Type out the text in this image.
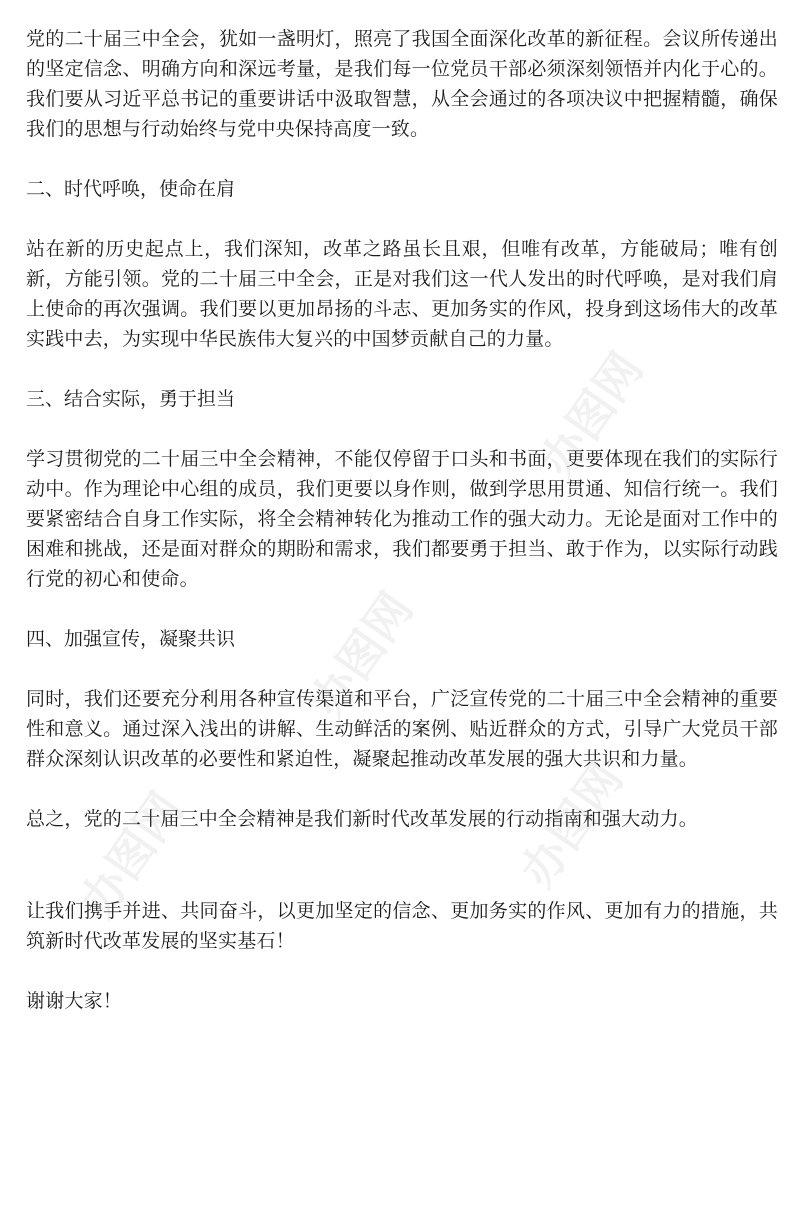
党的二十届三中全会，犹如一盏明灯，照亮了我国全面深化改革的新征程。会议所传递出的坚定信念、明确方向和深远考量，是我们每一位党员干部必须深刻领悟并内化于心的。我们要从习近平总书记的重要讲话中汲取智慧，从全会通过的各项决议中把握精髓，确保我们的思想与行动始终与党中央保持高度一致。

二、时代呼唤，使命在肩

站在新的历史起点上，我们深知，改革之路虽长且艰，但唯有改革，方能破局；唯有创新，方能引领。党的二十届三中全会，正是对我们这一代人发出的时代呼唤，是对我们肩上使命的再次强调。我们要以更加昂扬的斗志、更加务实的作风，投身到这场伟大的改革实践中去，为实现中华民族伟大复兴的中国梦贡献自己的力量。

三、结合实际，勇于担当

学习贯彻党的二十届三中全会精神，不能仅停留于口头和书面，更要体现在我们的实际行动中。作为理论中心组的成员，我们更要以身作则，做到学思用贯通、知信行统一。我们要紧密结合自身工作实际，将全会精神转化为推动工作的强大动力。无论是面对工作中的困难和挑战，还是面对群众的期盼和需求，我们都要勇于担当、敢于作为，以实际行动践行党的初心和使命。

四、加强宣传，凝聚共识

同时，我们还要充分利用各种宣传渠道和平台，广泛宣传党的二十届三中全会精神的重要性和意义。通过深入浅出的讲解、生动鲜活的案例、贴近群众的方式，引导广大党员干部群众深刻认识改革的必要性和紧迫性，凝聚起推动改革发展的强大共识和力量。

总之，党的二十届三中全会精神是我们新时代改革发展的行动指南和强大动力。

让我们携手并进、共同奋斗，以更加坚定的信念、更加务实的作风、更加有力的措施，共筑新时代改革发展的坚实基石！

谢谢大家！

办图网
办图网
办图网
办图网
